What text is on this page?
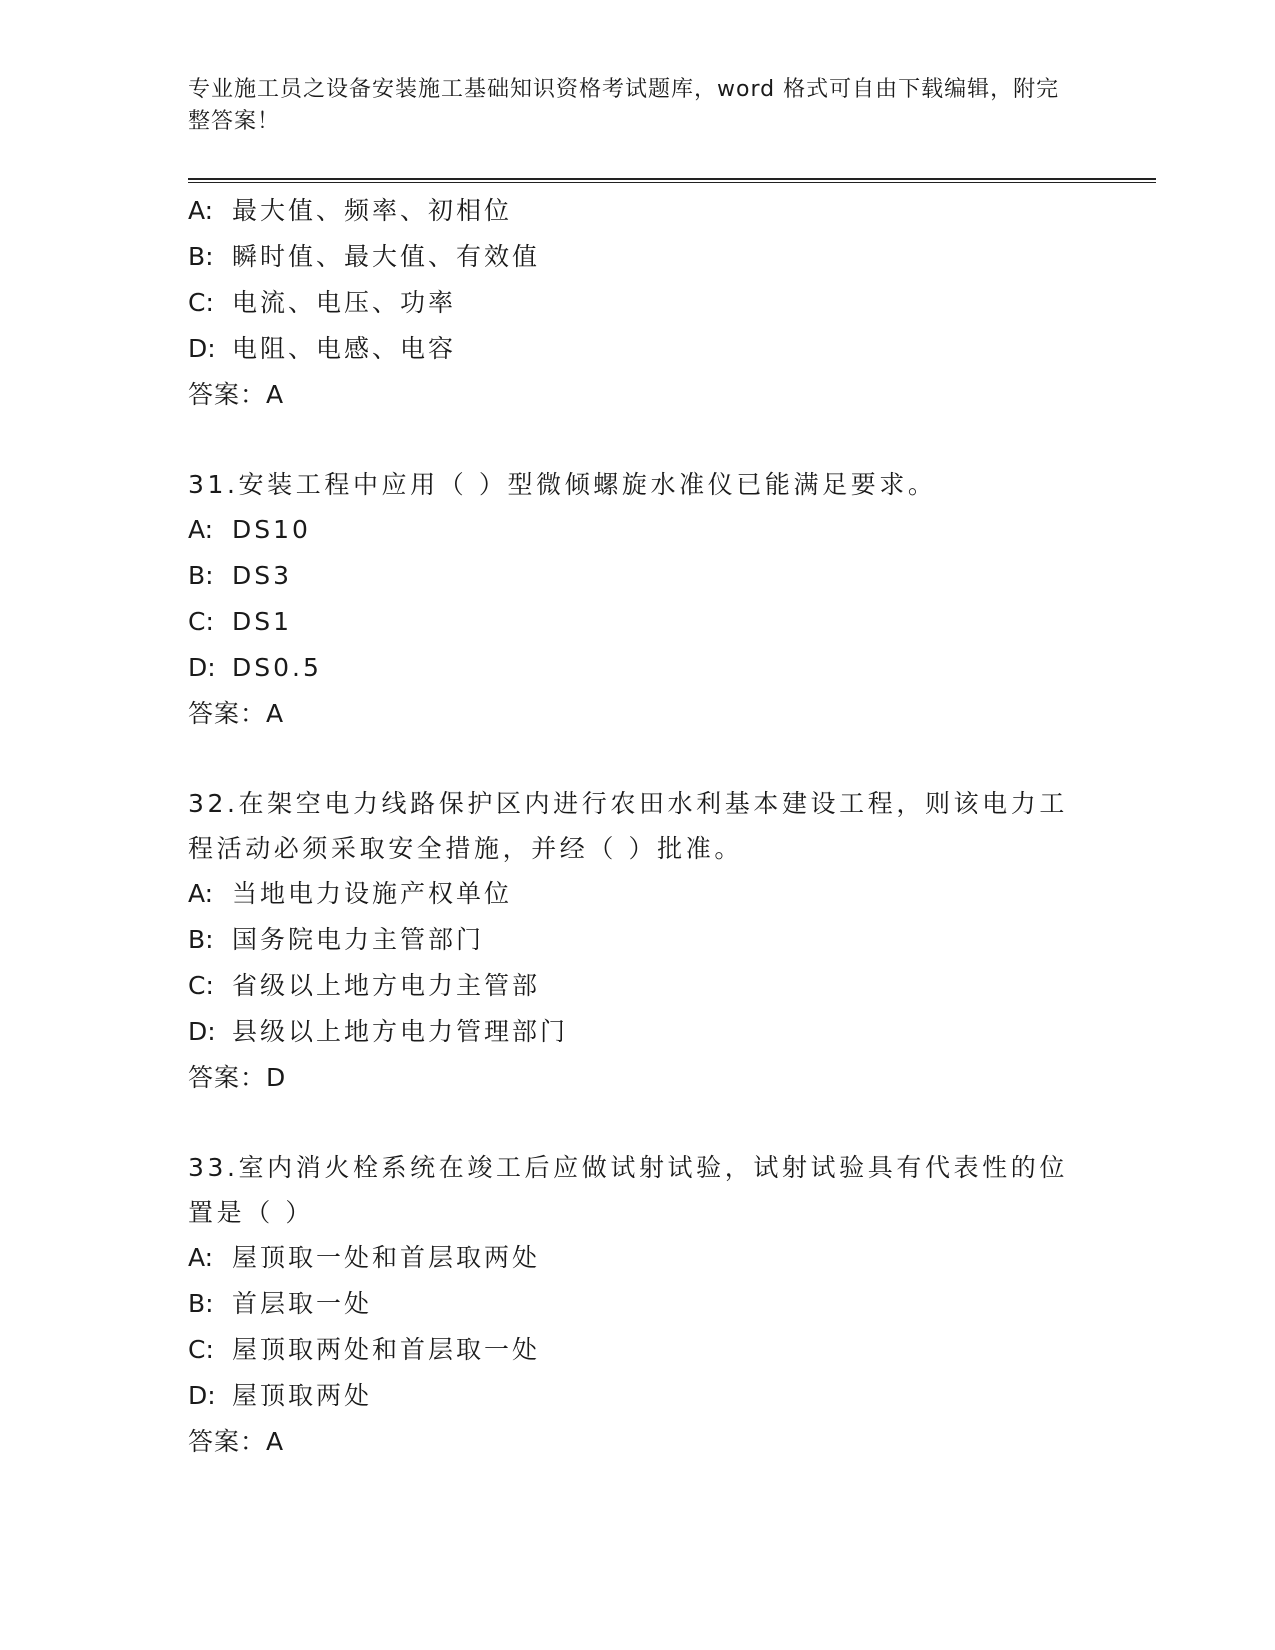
专业施工员之设备安装施工基础知识资格考试题库，word 格式可自由下载编辑，附完整答案！
A: 最大值、频率、初相位
B: 瞬时值、最大值、有效值
C: 电流、电压、功率
D: 电阻、电感、电容
答案：A
31.安装工程中应用（ ）型微倾螺旋水准仪已能满足要求。
A: DS10
B: DS3
C: DS1
D: DS0.5
答案：A
32.在架空电力线路保护区内进行农田水利基本建设工程，则该电力工程活动必须采取安全措施，并经（ ）批准。
A: 当地电力设施产权单位
B: 国务院电力主管部门
C: 省级以上地方电力主管部
D: 县级以上地方电力管理部门
答案：D
33.室内消火栓系统在竣工后应做试射试验，试射试验具有代表性的位置是（ ）
A: 屋顶取一处和首层取两处
B: 首层取一处
C: 屋顶取两处和首层取一处
D: 屋顶取两处
答案：A
